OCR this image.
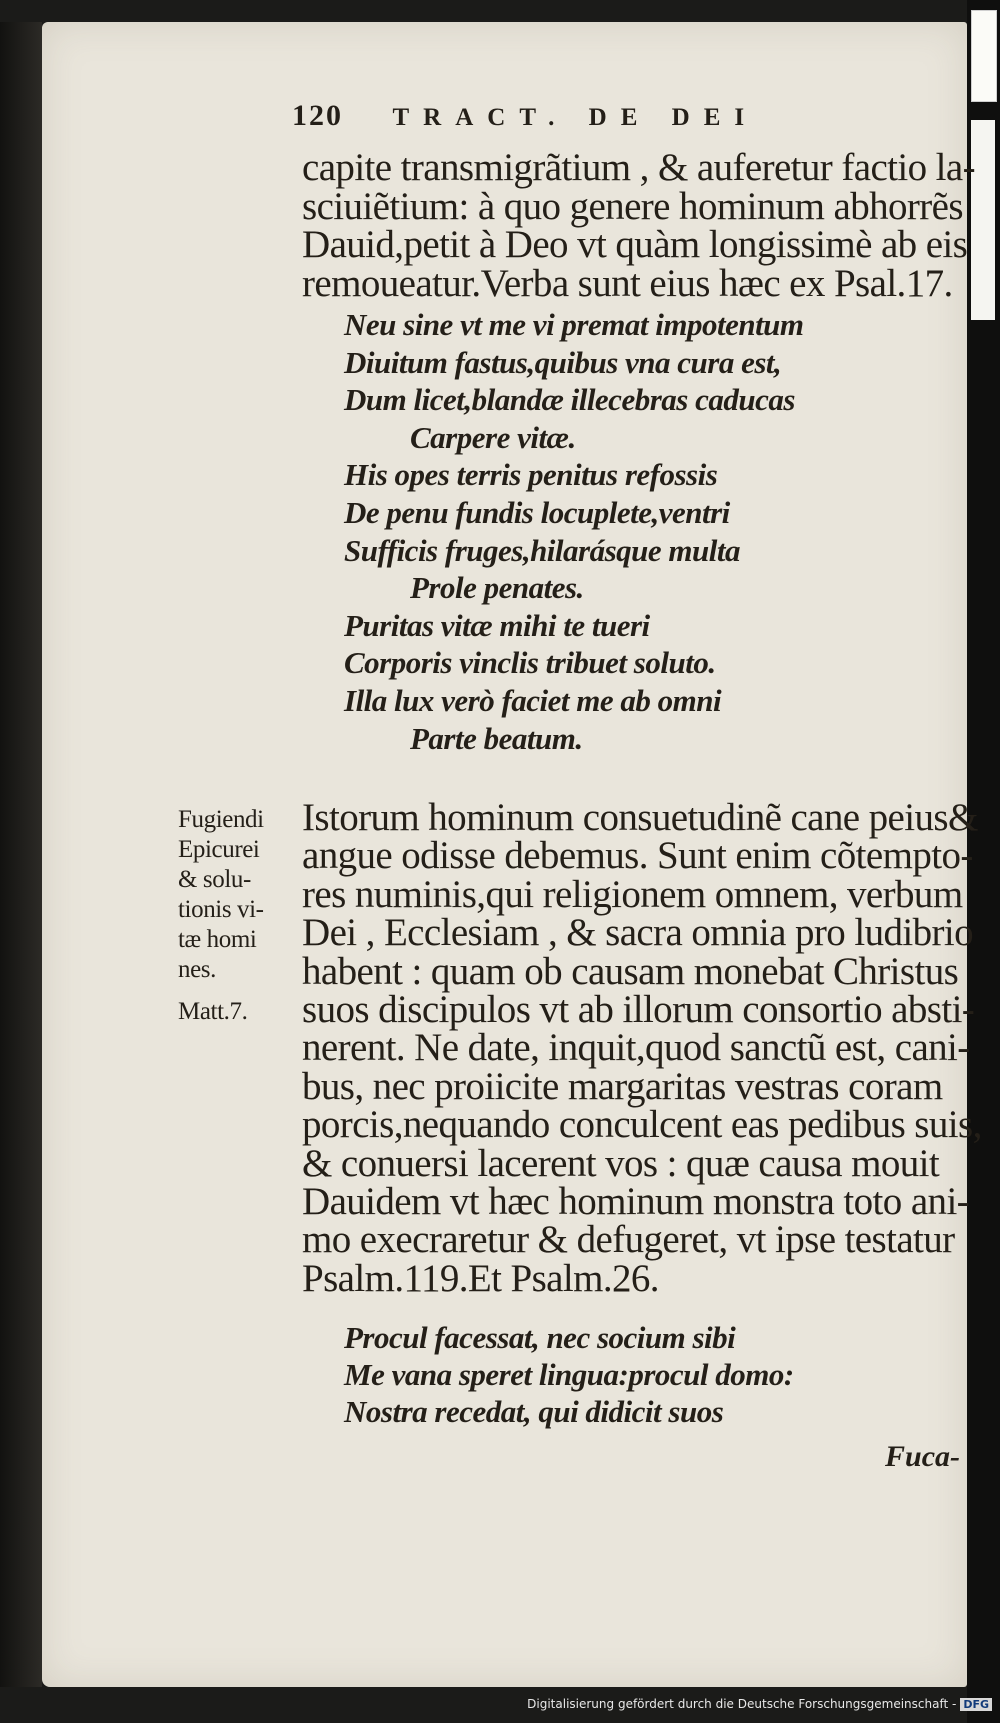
120 TRACT. DE DEI
capite transmigrãtium , & auferetur factio la-
sciuiẽtium: à quo genere hominum abhorrẽs
Dauid,petit à Deo vt quàm longissimè ab eis
remoueatur.Verba sunt eius hæc ex Psal.17.
Neu sine vt me vi premat impotentum
Diuitum fastus,quibus vna cura est,
Dum licet,blandæ illecebras caducas
Carpere vitæ.
His opes terris penitus refossis
De penu fundis locuplete,ventri
Sufficis fruges,hilarásque multa
Prole penates.
Puritas vitæ mihi te tueri
Corporis vinclis tribuet soluto.
Illa lux verò faciet me ab omni
Parte beatum.
Istorum hominum consuetudinẽ cane peius&
angue odisse debemus. Sunt enim cõtempto-
res numinis,qui religionem omnem, verbum
Dei , Ecclesiam , & sacra omnia pro ludibrio
habent : quam ob causam monebat Christus
suos discipulos vt ab illorum consortio absti-
nerent. Ne date, inquit,quod sanctũ est, cani-
bus, nec proiicite margaritas vestras coram
porcis,nequando conculcent eas pedibus suis,
& conuersi lacerent vos : quæ causa mouit
Dauidem vt hæc hominum monstra toto ani-
mo execraretur & defugeret, vt ipse testatur
Psalm.119.Et Psalm.26.
Fugiendi
Epicurei
& solu-
tionis vi-
tæ homi
nes.
Matt.7.
Procul facessat, nec socium sibi
Me vana speret lingua:procul domo:
Nostra recedat, qui didicit suos
Fuca-
Digitalisierung gefördert durch die Deutsche Forschungsgemeinschaft - DFG
